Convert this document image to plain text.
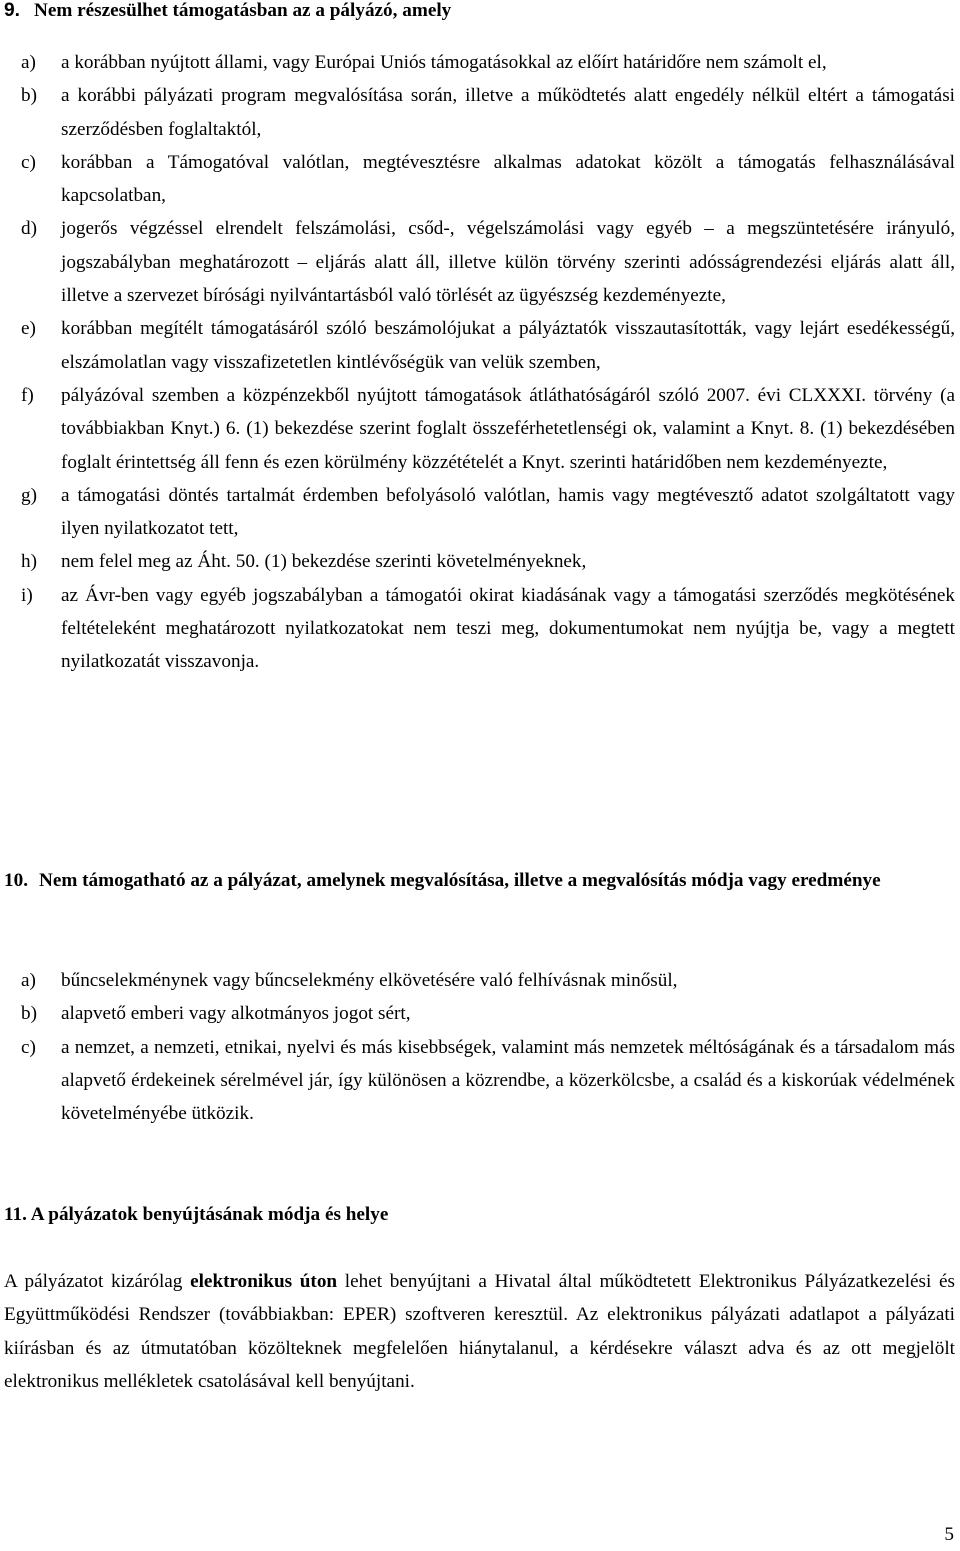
9. Nem részesülhet támogatásban az a pályázó, amely
a) a korábban nyújtott állami, vagy Európai Uniós támogatásokkal az előírt határidőre nem számolt el,

b) a korábbi pályázati program megvalósítása során, illetve a működtetés alatt engedély nélkül eltért a támogatási szerződésben foglaltaktól,

c) korábban a Támogatóval valótlan, megtévesztésre alkalmas adatokat közölt a támogatás felhasználásával kapcsolatban,

d) jogerős végzéssel elrendelt felszámolási, csőd-, végelszámolási vagy egyéb – a megszüntetésére irányuló, jogszabályban meghatározott – eljárás alatt áll, illetve külön törvény szerinti adósságrendezési eljárás alatt áll, illetve a szervezet bírósági nyilvántartásból való törlését az ügyészség kezdeményezte,

e) korábban megítélt támogatásáról szóló beszámolójukat a pályáztatók visszautasították, vagy lejárt esedékességű, elszámolatlan vagy visszafizetetlen kintlévőségük van velük szemben,

f) pályázóval szemben a közpénzekből nyújtott támogatások átláthatóságáról szóló 2007. évi CLXXXI. törvény (a továbbiakban Knyt.) 6. (1) bekezdése szerint foglalt összeférhetetlenségi ok, valamint a Knyt. 8. (1) bekezdésében foglalt érintettség áll fenn és ezen körülmény közzétételét a Knyt. szerinti határidőben nem kezdeményezte,

g) a támogatási döntés tartalmát érdemben befolyásoló valótlan, hamis vagy megtévesztő adatot szolgáltatott vagy ilyen nyilatkozatot tett,

h) nem felel meg az Áht. 50. (1) bekezdése szerinti követelményeknek,

i) az Ávr-ben vagy egyéb jogszabályban a támogatói okirat kiadásának vagy a támogatási szerződés megkötésének feltételeként meghatározott nyilatkozatokat nem teszi meg, dokumentumokat nem nyújtja be, vagy a megtett nyilatkozatát visszavonja.

10. Nem támogatható az a pályázat, amelynek megvalósítása, illetve a megvalósítás módja vagy eredménye
a) bűncselekménynek vagy bűncselekmény elkövetésére való felhívásnak minősül,

b) alapvető emberi vagy alkotmányos jogot sért,

c) a nemzet, a nemzeti, etnikai, nyelvi és más kisebbségek, valamint más nemzetek méltóságának és a társadalom más alapvető érdekeinek sérelmével jár, így különösen a közrendbe, a közerkölcsbe, a család és a kiskorúak védelmének követelményébe ütközik.

11. A pályázatok benyújtásának módja és helye

A pályázatot kizárólag elektronikus úton lehet benyújtani a Hivatal által működtetett Elektronikus Pályázatkezelési és Együttműködési Rendszer (továbbiakban: EPER) szoftveren keresztül. Az elektronikus pályázati adatlapot a pályázati kiírásban és az útmutatóban közölteknek megfelelően hiánytalanul, a kérdésekre választ adva és az ott megjelölt elektronikus mellékletek csatolásával kell benyújtani.

5
